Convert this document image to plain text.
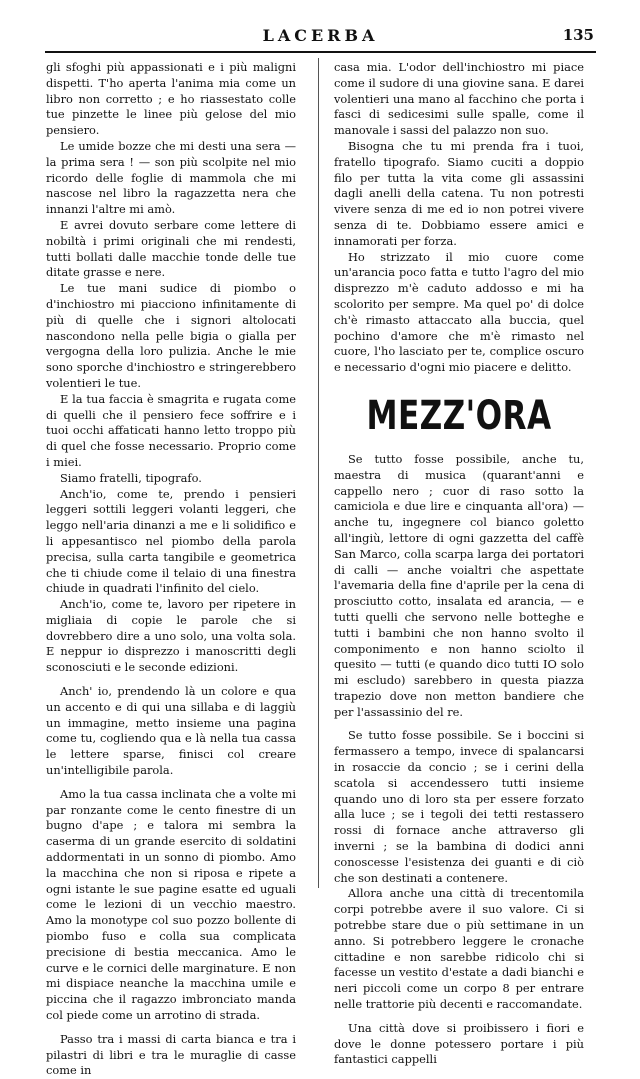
LACERBA	135

gli sfoghi più appassionati e i più maligni dispetti. T'ho aperta l'anima mia come un libro non corretto ; e ho riassestato colle tue pinzette le linee più gelose del mio pensiero.

Le umide bozze che mi desti una sera — la prima sera ! — son più scolpite nel mio ricordo delle foglie di mammola che mi nascose nel libro la ragazzetta nera che innanzi l'altre mi amò.

E avrei dovuto serbare come lettere di nobiltà i primi originali che mi rendesti, tutti bollati dalle macchie tonde delle tue ditate grasse e nere.

Le tue mani sudice di piombo o d'inchiostro mi piacciono infinitamente di più di quelle che i signori altolocati nascondono nella pelle bigia o gialla per vergogna della loro pulizia. Anche le mie sono sporche d'inchiostro e stringerebbero volentieri le tue.

E la tua faccia è smagrita e rugata come di quelli che il pensiero fece soffrire e i tuoi occhi affaticati hanno letto troppo più di quel che fosse necessario. Proprio come i miei.

Siamo fratelli, tipografo.

Anch'io, come te, prendo i pensieri leggeri sottili leggeri volanti leggeri, che leggo nell'aria dinanzi a me e li solidifico e li appesantisco nel piombo della parola precisa, sulla carta tangibile e geometrica che ti chiude come il telaio di una finestra chiude in quadrati l'infinito del cielo.

Anch'io, come te, lavoro per ripetere in migliaia di copie le parole che si dovrebbero dire a uno solo, una volta sola. E neppur io disprezzo i manoscritti degli sconosciuti e le seconde edizioni.

Anch' io, prendendo là un colore e qua un accento e di qui una sillaba e di laggiù un immagine, metto insieme una pagina come tu, cogliendo qua e là nella tua cassa le lettere sparse, finisci col creare un'intelligibile parola.

Amo la tua cassa inclinata che a volte mi par ronzante come le cento finestre di un bugno d'ape ; e talora mi sembra la caserma di un grande esercito di soldatini addormentati in un sonno di piombo. Amo la macchina che non si riposa e ripete a ogni istante le sue pagine esatte ed uguali come le lezioni di un vecchio maestro. Amo la monotype col suo pozzo bollente di piombo fuso e colla sua complicata precisione di bestia meccanica. Amo le curve e le cornici delle marginature. E non mi dispiace neanche la macchina umile e piccina che il ragazzo imbronciato manda col piede come un arrotino di strada.

Passo tra i massi di carta bianca e tra i pilastri di libri e tra le muraglie di casse come in

casa mia. L'odor dell'inchiostro mi piace come il sudore di una giovine sana. E darei volentieri una mano al facchino che porta i fasci di sedicesimi sulle spalle, come il manovale i sassi del palazzo non suo.

Bisogna che tu mi prenda fra i tuoi, fratello tipografo. Siamo cuciti a doppio filo per tutta la vita come gli assassini dagli anelli della catena. Tu non potresti vivere senza di me ed io non potrei vivere senza di te. Dobbiamo essere amici e innamorati per forza.

Ho strizzato il mio cuore come un'arancia poco fatta e tutto l'agro del mio disprezzo m'è caduto addosso e mi ha scolorito per sempre. Ma quel po' di dolce ch'è rimasto attaccato alla buccia, quel pochino d'amore che m'è rimasto nel cuore, l'ho lasciato per te, complice oscuro e necessario d'ogni mio piacere e delitto.

MEZZ'ORA

Se tutto fosse possibile, anche tu, maestra di musica (quarant'anni e cappello nero ; cuor di raso sotto la camiciola e due lire e cinquanta all'ora) — anche tu, ingegnere col bianco goletto all'ingiù, lettore di ogni gazzetta del caffè San Marco, colla scarpa larga dei portatori di calli — anche voialtri che aspettate l'avemaria della fine d'aprile per la cena di prosciutto cotto, insalata ed arancia, — e tutti quelli che servono nelle botteghe e tutti i bambini che non hanno svolto il componimento e non hanno sciolto il quesito — tutti (e quando dico tutti IO solo mi escludo) sarebbero in questa piazza trapezio dove non metton bandiere che per l'assassinio del re.

Se tutto fosse possibile. Se i boccini si fermassero a tempo, invece di spalancarsi in rosaccie da concio ; se i cerini della scatola si accendessero tutti insieme quando uno di loro sta per essere forzato alla luce ; se i tegoli dei tetti restassero rossi di fornace anche attraverso gli inverni ; se la bambina di dodici anni conoscesse l'esistenza dei guanti e di ciò che son destinati a contenere.

Allora anche una città di trecentomila corpi potrebbe avere il suo valore. Ci si potrebbe stare due o più settimane in un anno. Si potrebbero leggere le cronache cittadine e non sarebbe ridicolo chi si facesse un vestito d'estate a dadi bianchi e neri piccoli come un corpo 8 per entrare nelle trattorie più decenti e raccomandate.

Una città dove si proibissero i fiori e dove le donne potessero portare i più fantastici cappelli
